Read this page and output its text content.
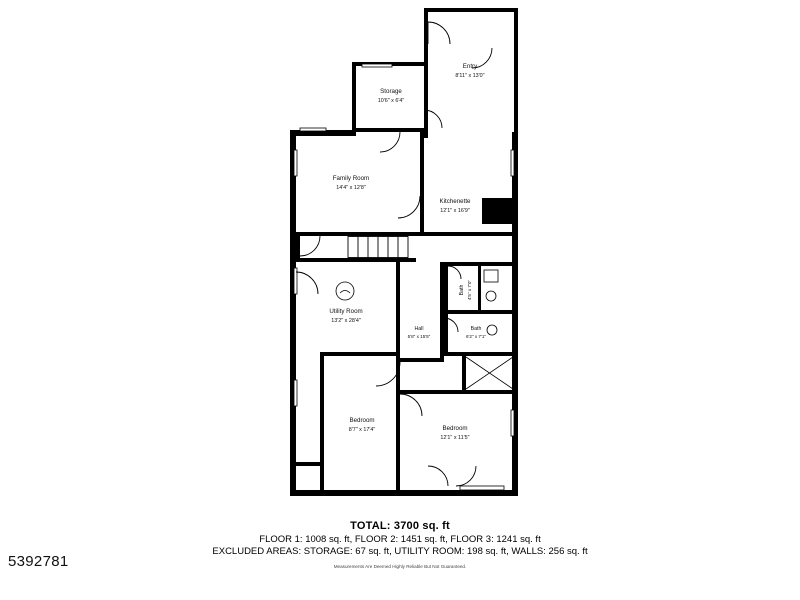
Entry
8'11" x 13'0"
Storage
10'6" x 6'4"
Family Room
14'4" x 12'8"
Kitchenette
12'1" x 16'9"
Utility Room
13'2" x 28'4"
Hall
5'8" x 15'5"
Bath
6'2" x 7'1"
Bedroom
8'7" x 17'4"	Bedroom
12'1" x 11'5"
Bath 4'5" x 7'0"

TOTAL: 3700 sq. ft

FLOOR 1: 1008 sq. ft, FLOOR 2: 1451 sq. ft, FLOOR 3: 1241 sq. ft

EXCLUDED AREAS: STORAGE: 67 sq. ft, UTILITY ROOM: 198 sq. ft, WALLS: 256 sq. ft

Measurements Are Deemed Highly Reliable But Not Guaranteed.

5392781
